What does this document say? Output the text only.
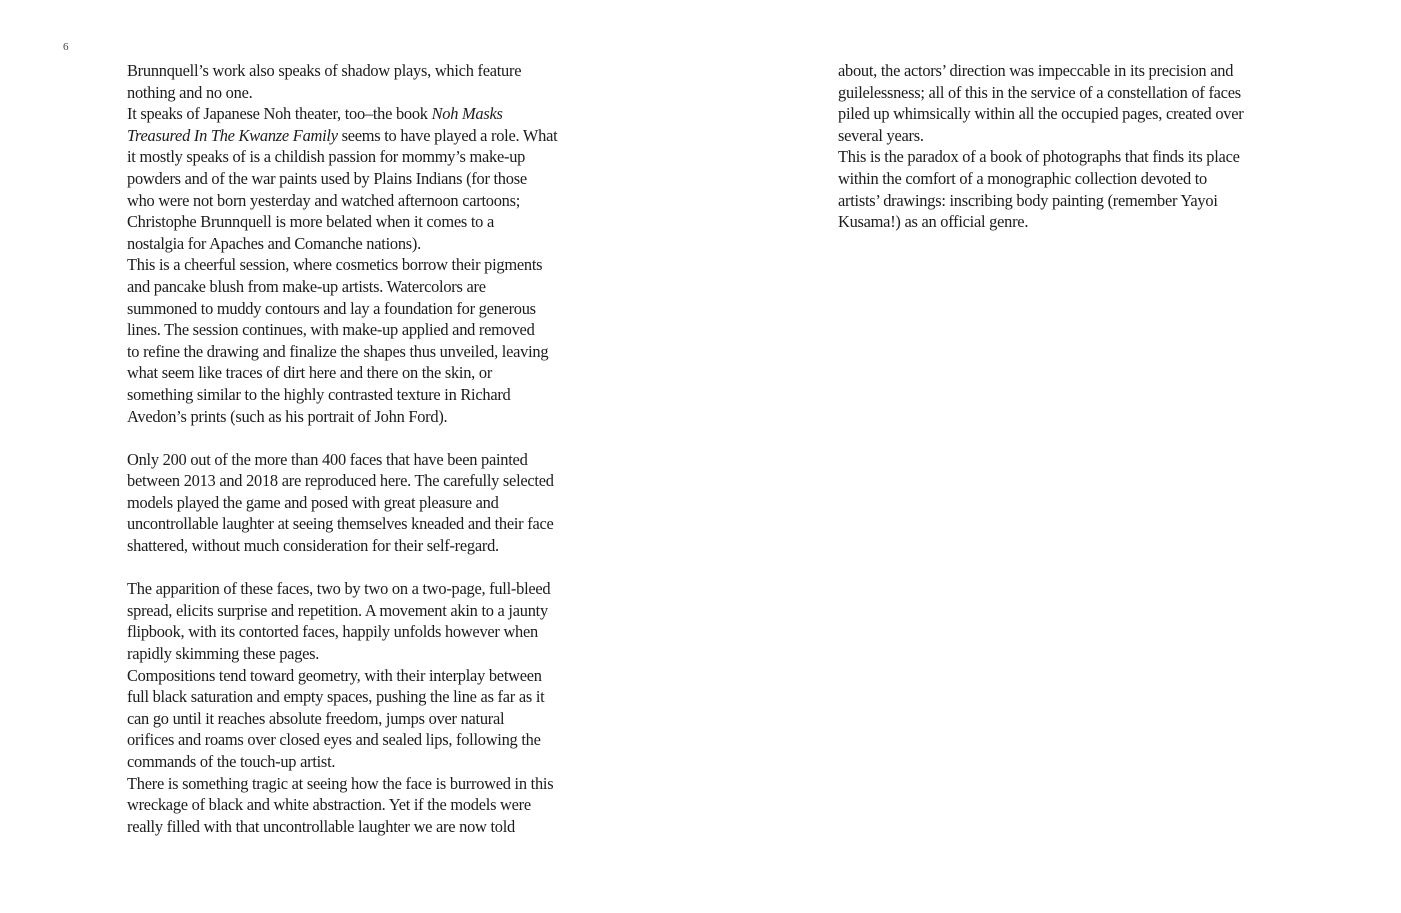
6
Brunnquell’s work also speaks of shadow plays, which feature
nothing and no one.
It speaks of Japanese Noh theater, too–the book Noh Masks
Treasured In The Kwanze Family seems to have played a role. What
it mostly speaks of is a childish passion for mommy’s make-up
powders and of the war paints used by Plains Indians (for those
who were not born yesterday and watched afternoon cartoons;
Christophe Brunnquell is more belated when it comes to a
nostalgia for Apaches and Comanche nations).
This is a cheerful session, where cosmetics borrow their pigments
and pancake blush from make-up artists. Watercolors are
summoned to muddy contours and lay a foundation for generous
lines. The session continues, with make-up applied and removed
to refine the drawing and finalize the shapes thus unveiled, leaving
what seem like traces of dirt here and there on the skin, or
something similar to the highly contrasted texture in Richard
Avedon’s prints (such as his portrait of John Ford).
Only 200 out of the more than 400 faces that have been painted
between 2013 and 2018 are reproduced here. The carefully selected
models played the game and posed with great pleasure and
uncontrollable laughter at seeing themselves kneaded and their face
shattered, without much consideration for their self-regard.
The apparition of these faces, two by two on a two-page, full-bleed
spread, elicits surprise and repetition. A movement akin to a jaunty
flipbook, with its contorted faces, happily unfolds however when
rapidly skimming these pages.
Compositions tend toward geometry, with their interplay between
full black saturation and empty spaces, pushing the line as far as it
can go until it reaches absolute freedom, jumps over natural
orifices and roams over closed eyes and sealed lips, following the
commands of the touch-up artist.
There is something tragic at seeing how the face is burrowed in this
wreckage of black and white abstraction. Yet if the models were
really filled with that uncontrollable laughter we are now told
about, the actors’ direction was impeccable in its precision and
guilelessness; all of this in the service of a constellation of faces
piled up whimsically within all the occupied pages, created over
several years.
This is the paradox of a book of photographs that finds its place
within the comfort of a monographic collection devoted to
artists’ drawings: inscribing body painting (remember Yayoi
Kusama!) as an official genre.
